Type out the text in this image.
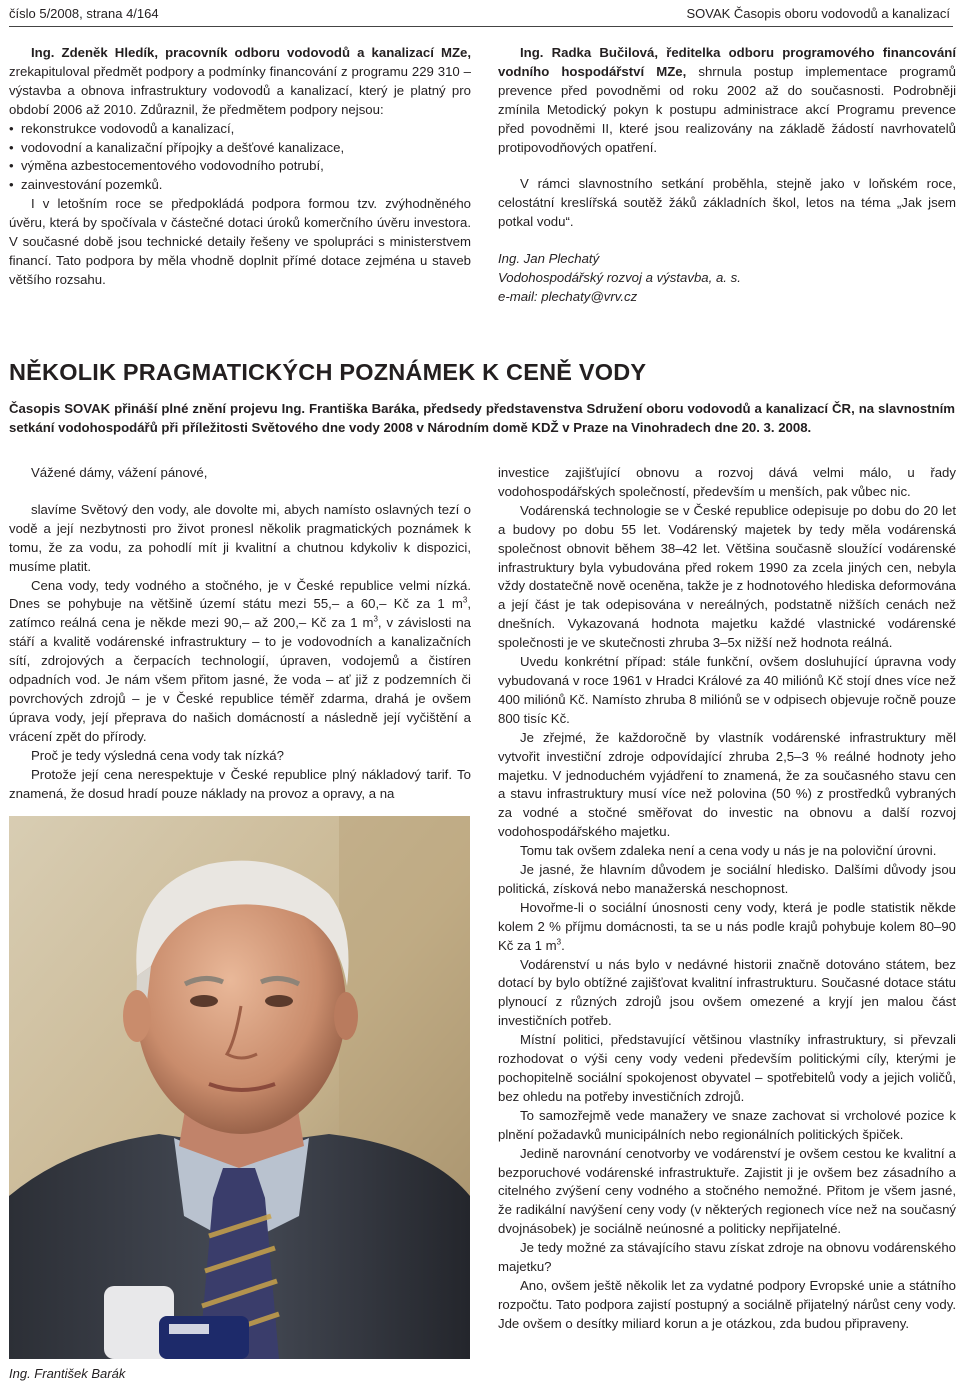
číslo 5/2008, strana 4/164	SOVAK Časopis oboru vodovodů a kanalizací

Ing. Zdeněk Hledík, pracovník odboru vodovodů a kanalizací MZe, zrekapituloval předmět podpory a podmínky financování z programu 229 310 – výstavba a obnova infrastruktury vodovodů a kanalizací, který je platný pro období 2006 až 2010. Zdůraznil, že předmětem podpory nejsou:

• rekonstrukce vodovodů a kanalizací,
• vodovodní a kanalizační přípojky a dešťové kanalizace,
• výměna azbestocementového vodovodního potrubí,
• zainvestování pozemků.

I v letošním roce se předpokládá podpora formou tzv. zvýhodněného úvěru, která by spočívala v částečné dotaci úroků komerčního úvěru investora. V současné době jsou technické detaily řešeny ve spolupráci s ministerstvem financí. Tato podpora by měla vhodně doplnit přímé dotace zejména u staveb většího rozsahu.

Ing. Radka Bučilová, ředitelka odboru programového financování vodního hospodářství MZe, shrnula postup implementace programů prevence před povodněmi od roku 2002 až do současnosti. Podrobněji zmínila Metodický pokyn k postupu administrace akcí Programu prevence před povodněmi II, které jsou realizovány na základě žádostí navrhovatelů protipovodňových opatření.

V rámci slavnostního setkání proběhla, stejně jako v loňském roce, celostátní kreslířská soutěž žáků základních škol, letos na téma „Jak jsem potkal vodu“.

Ing. Jan Plechatý

Vodohospodářský rozvoj a výstavba, a. s.

e-mail: plechaty@vrv.cz

NĚKOLIK PRAGMATICKÝCH POZNÁMEK K CENĚ VODY

Časopis SOVAK přináší plné znění projevu Ing. Františka Baráka, předsedy představenstva Sdružení oboru vodovodů a kanalizací ČR, na slavnostním setkání vodohospodářů při příležitosti Světového dne vody 2008 v Národním domě KDŽ v Praze na Vinohradech dne 20. 3. 2008.

Vážené dámy, vážení pánové,

slavíme Světový den vody, ale dovolte mi, abych namísto oslavných tezí o vodě a její nezbytnosti pro život pronesl několik pragmatických poznámek k tomu, že za vodu, za pohodlí mít ji kvalitní a chutnou kdykoliv k dispozici, musíme platit.

Cena vody, tedy vodného a stočného, je v České republice velmi nízká. Dnes se pohybuje na většině území státu mezi 55,– a 60,– Kč za 1 $m^3$, zatímco reálná cena je někde mezi 90,– až 200,– Kč za 1 $m^3$, v závislosti na stáří a kvalitě vodárenské infrastruktury – to je vodovodních a kanalizačních sítí, zdrojových a čerpacích technologií, úpraven, vodojemů a čistíren odpadních vod. Je nám všem přitom jasné, že voda – ať již z podzemních či povrchových zdrojů – je v České republice téměř zdarma, drahá je ovšem úprava vody, její přeprava do našich domácností a následně její vyčištění a vrácení zpět do přírody.

Proč je tedy výsledná cena vody tak nízká?

Protože její cena nerespektuje v České republice plný nákladový tarif. To znamená, že dosud hradí pouze náklady na provoz a opravy, a na

Ing. František Barák

investice zajišťující obnovu a rozvoj dává velmi málo, u řady vodohospodářských společností, především u menších, pak vůbec nic.

Vodárenská technologie se v České republice odepisuje po dobu do 20 let a budovy po dobu 55 let. Vodárenský majetek by tedy měla vodárenská společnost obnovit během 38–42 let. Většina současně sloužící vodárenské infrastruktury byla vybudována před rokem 1990 za zcela jiných cen, nebyla vždy dostatečně nově oceněna, takže je z hodnotového hlediska deformována a její část je tak odepisována v nereálných, podstatně nižších cenách než dnešních. Vykazovaná hodnota majetku každé vlastnické vodárenské společnosti je ve skutečnosti zhruba 3–5x nižší než hodnota reálná.

Uvedu konkrétní případ: stále funkční, ovšem dosluhující úpravna vody vybudovaná v roce 1961 v Hradci Králové za 40 miliónů Kč stojí dnes více než 400 miliónů Kč. Namísto zhruba 8 miliónů se v odpisech objevuje ročně pouze 800 tisíc Kč.

Je zřejmé, že každoročně by vlastník vodárenské infrastruktury měl vytvořit investiční zdroje odpovídající zhruba 2,5–3 % reálné hodnoty jeho majetku. V jednoduchém vyjádření to znamená, že za současného stavu cen a stavu infrastruktury musí více než polovina (50 %) z prostředků vybraných za vodné a stočné směřovat do investic na obnovu a další rozvoj vodohospodářského majetku.

Tomu tak ovšem zdaleka není a cena vody u nás je na poloviční úrovni.

Je jasné, že hlavním důvodem je sociální hledisko. Dalšími důvody jsou politická, získová nebo manažerská neschopnost.

Hovořme-li o sociální únosnosti ceny vody, která je podle statistik někde kolem 2 % příjmu domácnosti, ta se u nás podle krajů pohybuje kolem 80–90 Kč za 1 $m^3$.

Vodárenství u nás bylo v nedávné historii značně dotováno státem, bez dotací by bylo obtížné zajišťovat kvalitní infrastrukturu. Současné dotace státu plynoucí z různých zdrojů jsou ovšem omezené a kryjí jen malou část investičních potřeb.

Místní politici, představující většinou vlastníky infrastruktury, si převzali rozhodovat o výši ceny vody vedeni především politickými cíly, kterými je pochopitelně sociální spokojenost obyvatel – spotřebitelů vody a jejich voličů, bez ohledu na potřeby investičních zdrojů.

To samozřejmě vede manažery ve snaze zachovat si vrcholové pozice k plnění požadavků municipálních nebo regionálních politických špiček.

Jedině narovnání cenotvorby ve vodárenství je ovšem cestou ke kvalitní a bezporuchové vodárenské infrastruktuře. Zajistit ji je ovšem bez zásadního a citelného zvýšení ceny vodného a stočného nemožné. Přitom je všem jasné, že radikální navýšení ceny vody (v některých regionech více než na současný dvojnásobek) je sociálně neúnosné a politicky nepřijatelné.

Je tedy možné za stávajícího stavu získat zdroje na obnovu vodárenského majetku?

Ano, ovšem ještě několik let za vydatné podpory Evropské unie a státního rozpočtu. Tato podpora zajistí postupný a sociálně přijatelný nárůst ceny vody. Jde ovšem o desítky miliard korun a je otázkou, zda budou připraveny.
